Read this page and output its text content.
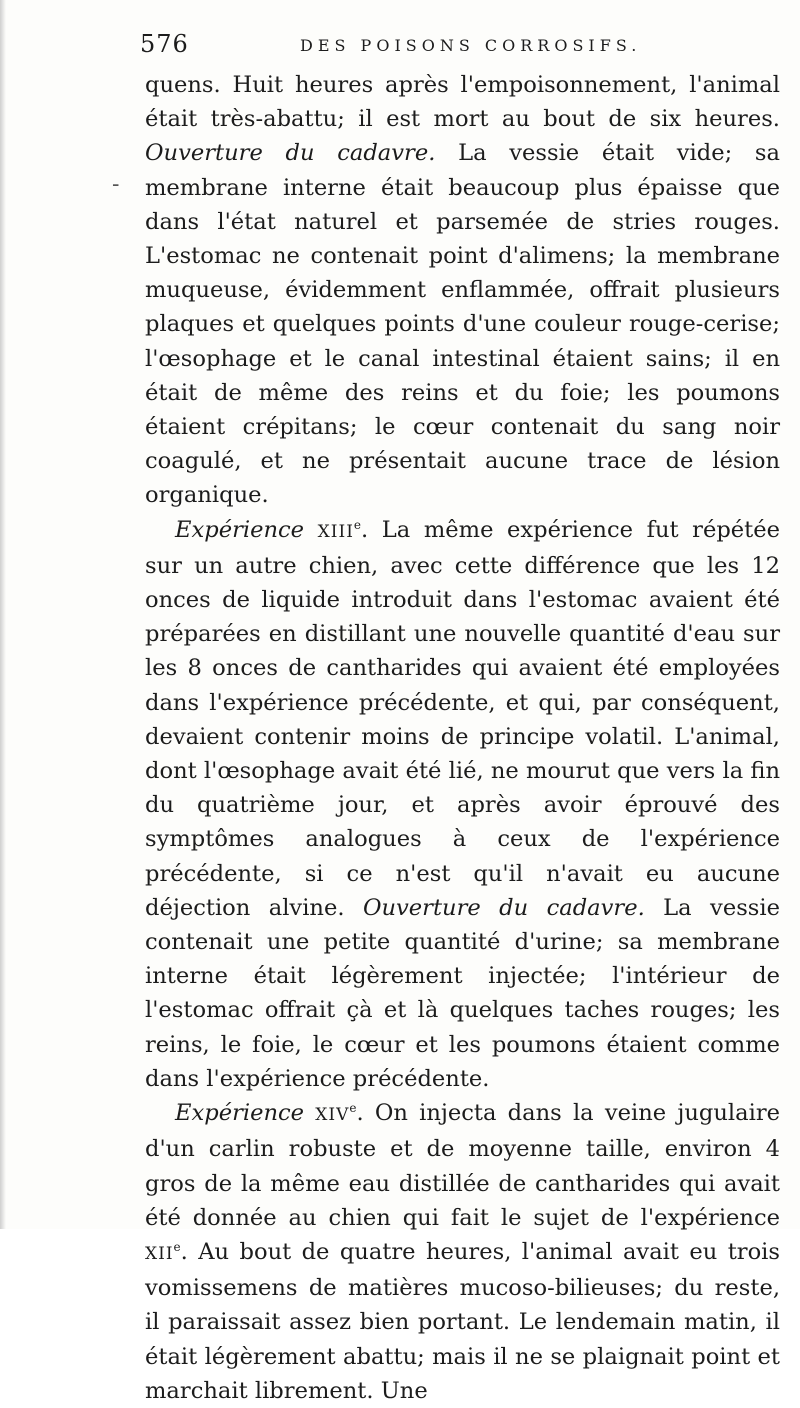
576	DES POISONS CORROSIFS.
‐

quens. Huit heures après l'empoisonnement, l'animal était très-abattu; il est mort au bout de six heures. Ouverture du cadavre. La vessie était vide; sa membrane interne était beaucoup plus épaisse que dans l'état naturel et parsemée de stries rouges. L'estomac ne contenait point d'alimens; la membrane muqueuse, évidemment enflammée, offrait plusieurs plaques et quelques points d'une couleur rouge-cerise; l'œsophage et le canal intestinal étaient sains; il en était de même des reins et du foie; les poumons étaient crépitans; le cœur contenait du sang noir coagulé, et ne présentait aucune trace de lésion organique.

Expérience XIIIe. La même expérience fut répétée sur un autre chien, avec cette différence que les 12 onces de liquide introduit dans l'estomac avaient été préparées en distillant une nouvelle quantité d'eau sur les 8 onces de cantharides qui avaient été employées dans l'expérience précédente, et qui, par conséquent, devaient contenir moins de principe volatil. L'animal, dont l'œsophage avait été lié, ne mourut que vers la fin du quatrième jour, et après avoir éprouvé des symptômes analogues à ceux de l'expérience précédente, si ce n'est qu'il n'avait eu aucune déjection alvine. Ouverture du cadavre. La vessie contenait une petite quantité d'urine; sa membrane interne était légèrement injectée; l'intérieur de l'estomac offrait çà et là quelques taches rouges; les reins, le foie, le cœur et les poumons étaient comme dans l'expérience précédente.

Expérience XIVe. On injecta dans la veine jugulaire d'un carlin robuste et de moyenne taille, environ 4 gros de la même eau distillée de cantharides qui avait été donnée au chien qui fait le sujet de l'expérience XIIe. Au bout de quatre heures, l'animal avait eu trois vomissemens de matières mucoso-bilieuses; du reste, il paraissait assez bien portant. Le lendemain matin, il était légèrement abattu; mais il ne se plaignait point et marchait librement. Une
